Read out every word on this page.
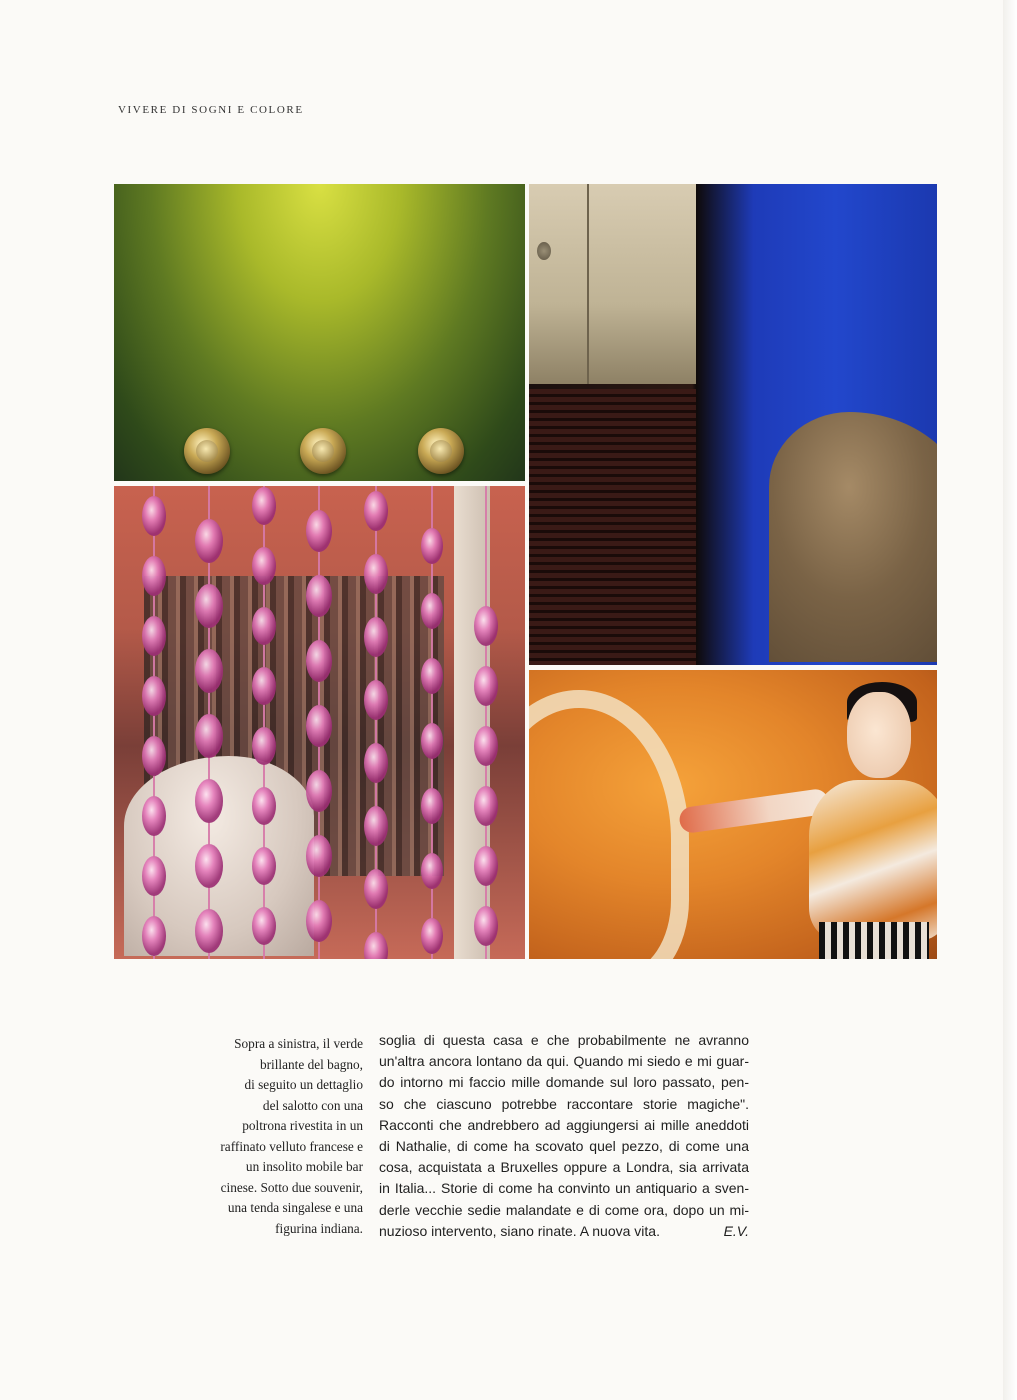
VIVERE DI SOGNI E COLORE
Sopra a sinistra, il verde
brillante del bagno,
di seguito un dettaglio
del salotto con una
poltrona rivestita in un
raffinato velluto francese e
un insolito mobile bar
cinese. Sotto due souvenir,
una tenda singalese e una
figurina indiana.
soglia di questa casa e che probabilmente ne avranno
un'altra ancora lontano da qui. Quando mi siedo e mi guar-
do intorno mi faccio mille domande sul loro passato, pen-
so che ciascuno potrebbe raccontare storie magiche".
Racconti che andrebbero ad aggiungersi ai mille aneddoti
di Nathalie, di come ha scovato quel pezzo, di come una
cosa, acquistata a Bruxelles oppure a Londra, sia arrivata
in Italia... Storie di come ha convinto un antiquario a sven-
derle vecchie sedie malandate e di come ora, dopo un mi-
nuzioso intervento, siano rinate. A nuova vita.	E.V.
